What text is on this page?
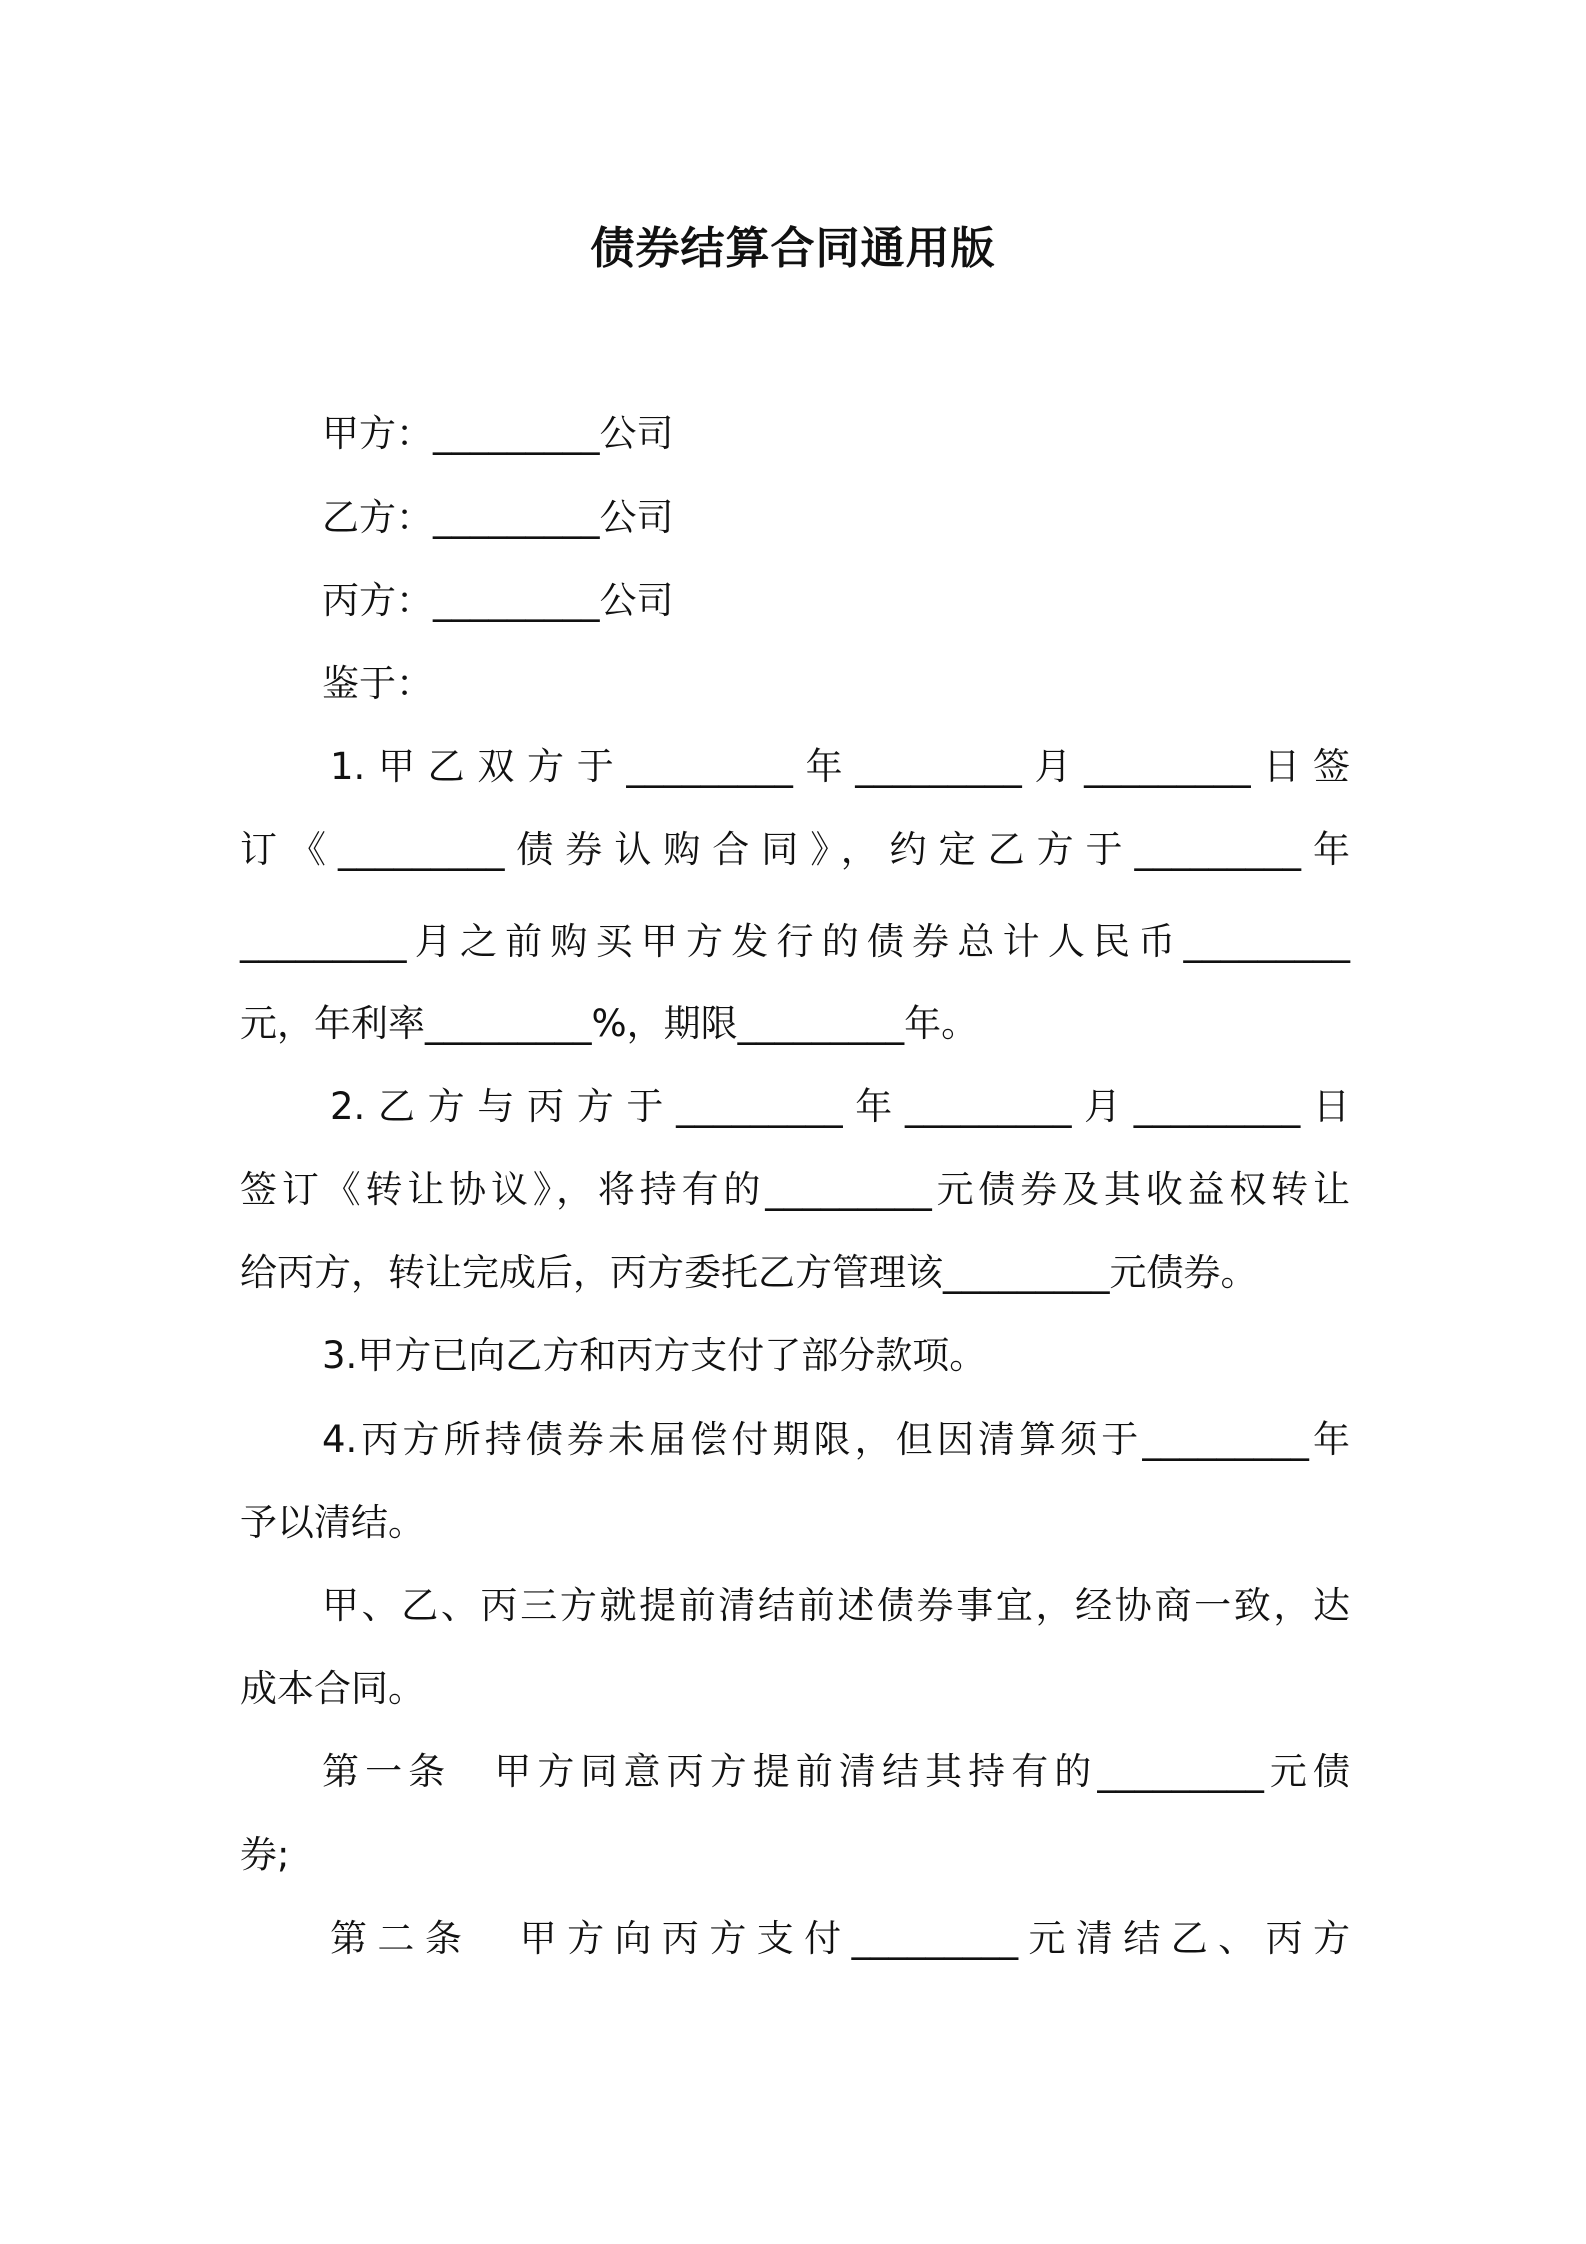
债券结算合同通用版
甲方：_________公司
乙方：_________公司
丙方：_________公司
鉴于：
1.甲乙双方于_________年_________月_________日签
订《_________债券认购合同》，约定乙方于_________年
_________月之前购买甲方发行的债券总计人民币_________
元，年利率_________%，期限_________年。
2.乙方与丙方于_________年_________月_________日
签订《转让协议》，将持有的_________元债券及其收益权转让
给丙方，转让完成后，丙方委托乙方管理该_________元债券。
3.甲方已向乙方和丙方支付了部分款项。
4.丙方所持债券未届偿付期限，但因清算须于_________年
予以清结。
甲、乙、丙三方就提前清结前述债券事宜，经协商一致，达
成本合同。
第一条　甲方同意丙方提前清结其持有的_________元债
券;
第二条　甲方向丙方支付_________元清结乙、丙方
